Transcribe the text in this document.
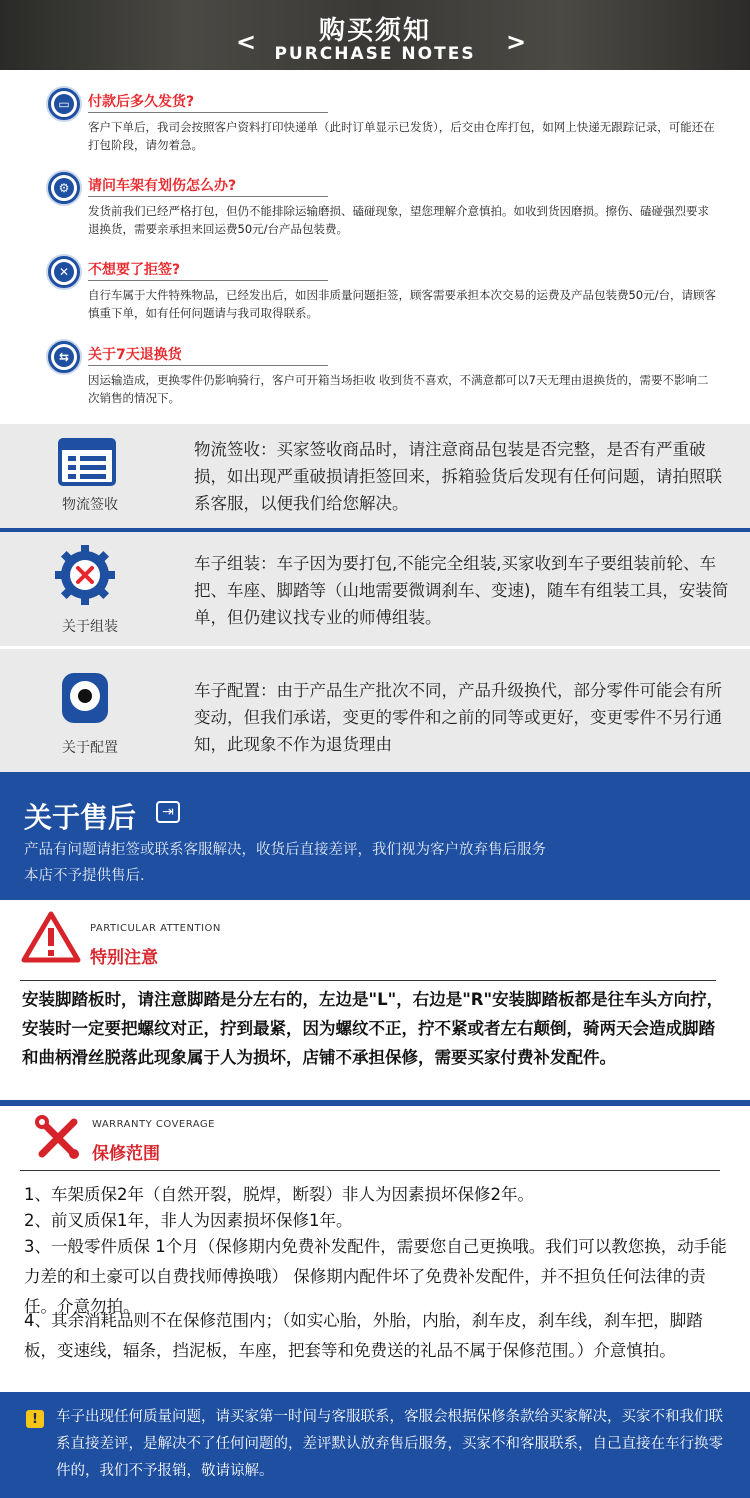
购买须知
PURCHASE NOTES
<	>
▭	付款后多久发货?
客户下单后，我司会按照客户资料打印快递单（此时订单显示已发货），后交由仓库打包，如网上快递无跟踪记录，可能还在打包阶段，请勿着急。
⚙	请问车架有划伤怎么办?
发货前我们已经严格打包，但仍不能排除运输磨损、磕碰现象，望您理解介意慎拍。如收到货因磨损。擦伤、磕碰强烈要求退换货，需要亲承担来回运费50元/台产品包装费。
✕	不想要了拒签?
自行车属于大件特殊物品，已经发出后，如因非质量问题拒签，顾客需要承担本次交易的运费及产品包装费50元/台，请顾客慎重下单，如有任何问题请与我司取得联系。
⇆	关于7天退换货
因运输造成，更换零件仍影响骑行，客户可开箱当场拒收 收到货不喜欢，不满意都可以7天无理由退换货的，需要不影响二次销售的情况下。
物流签收
物流签收：买家签收商品时，请注意商品包装是否完整，是否有严重破损，如出现严重破损请拒签回来，拆箱验货后发现有任何问题，请拍照联系客服，以便我们给您解决。
关于组装
车子组装：车子因为要打包,不能完全组装,买家收到车子要组装前轮、车把、车座、脚踏等（山地需要微调刹车、变速)，随车有组装工具，安装简单，但仍建议找专业的师傅组装。
关于配置
车子配置：由于产品生产批次不同，产品升级换代，部分零件可能会有所变动，但我们承诺，变更的零件和之前的同等或更好，变更零件不另行通知，此现象不作为退货理由
关于售后	⇥
产品有问题请拒签或联系客服解决，收货后直接差评，我们视为客户放弃售后服务
本店不予提供售后.
PARTICULAR ATTENTION
特别注意
安装脚踏板时，请注意脚踏是分左右的，左边是"L"，右边是"R"安装脚踏板都是往车头方向拧，安装时一定要把螺纹对正，拧到最紧，因为螺纹不正，拧不紧或者左右颠倒，骑两天会造成脚踏和曲柄滑丝脱落此现象属于人为损坏，店铺不承担保修，需要买家付费补发配件。
WARRANTY COVERAGE
保修范围
1、车架质保2年（自然开裂，脱焊，断裂）非人为因素损坏保修2年。
2、前叉质保1年，非人为因素损坏保修1年。
3、一般零件质保 1个月（保修期内免费补发配件，需要您自己更换哦。我们可以教您换，动手能力差的和土豪可以自费找师傅换哦） 保修期内配件坏了免费补发配件，并不担负任何法律的责任。介意勿拍。
4、其余消耗品则不在保修范围内；（如实心胎，外胎，内胎，刹车皮，刹车线，刹车把，脚踏板，变速线，辐条，挡泥板，车座，把套等和免费送的礼品不属于保修范围。）介意慎拍。
!	车子出现任何质量问题，请买家第一时间与客服联系，客服会根据保修条款给买家解决，买家不和我们联系直接差评，是解决不了任何问题的，差评默认放弃售后服务，买家不和客服联系，自己直接在车行换零件的，我们不予报销，敬请谅解。
